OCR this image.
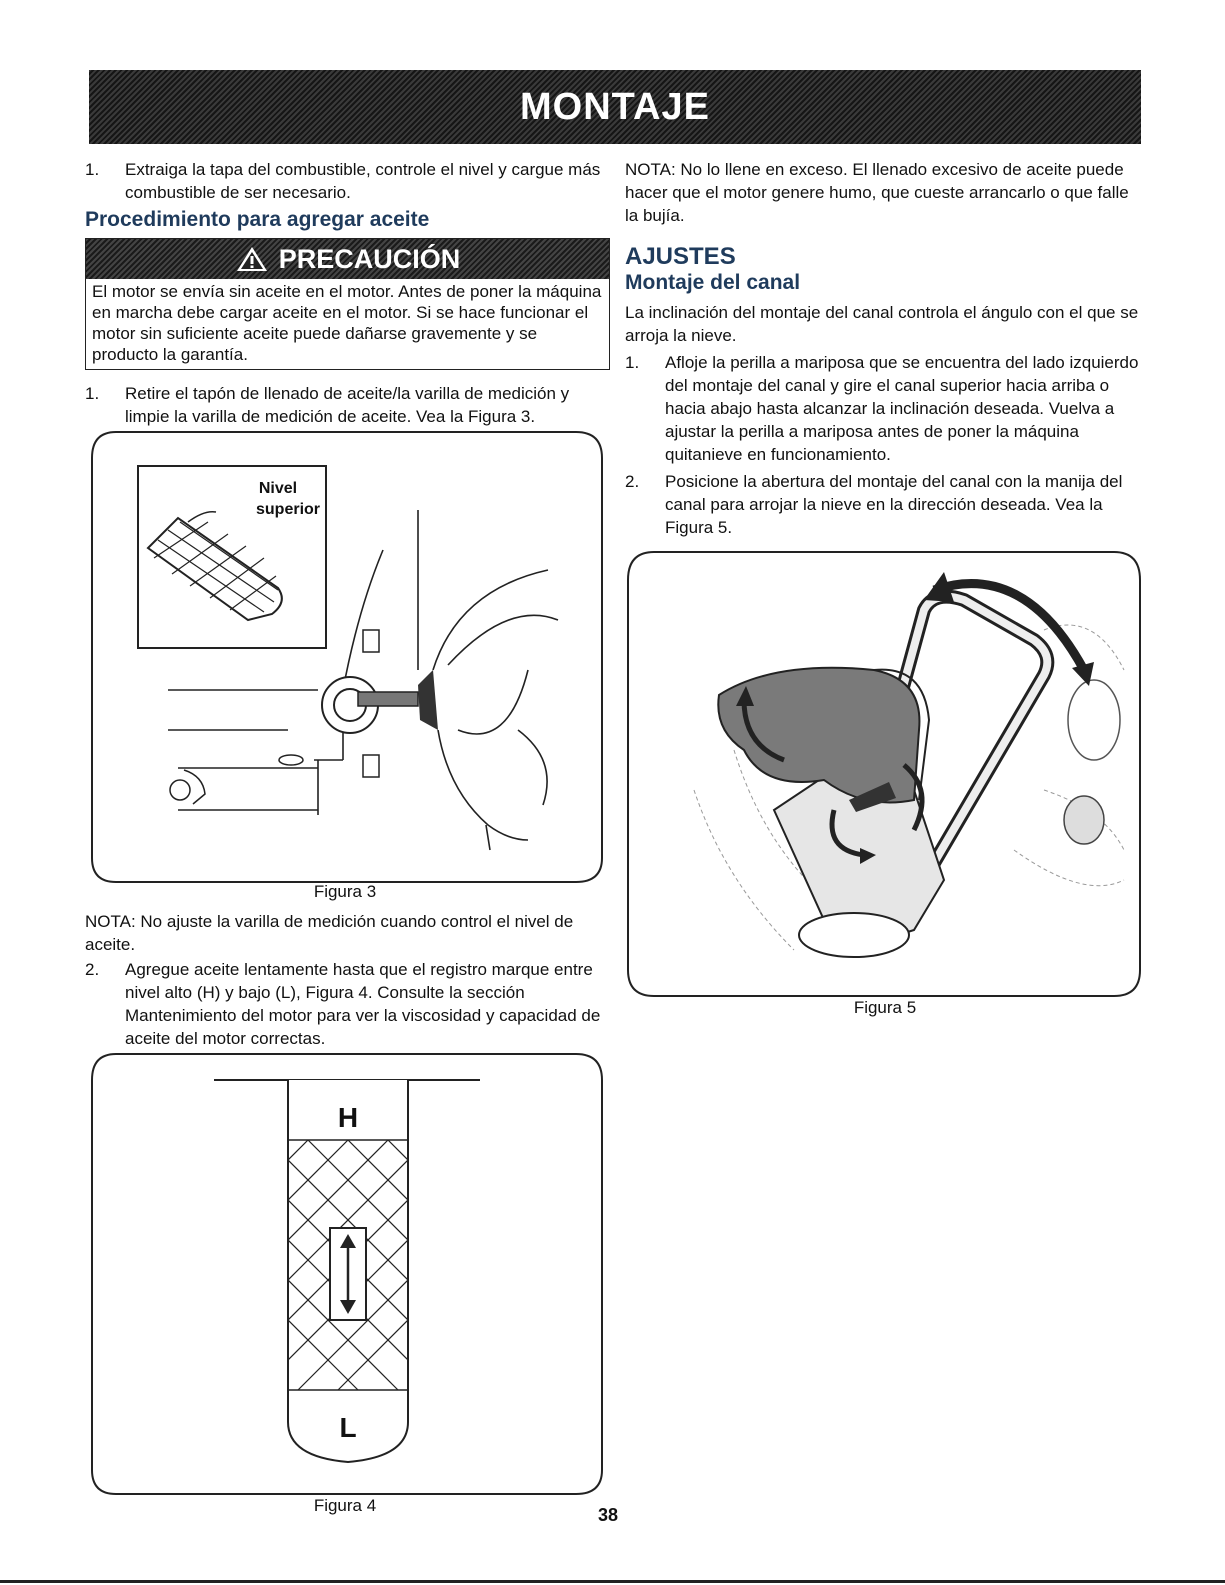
MONTAJE
1.	Extraiga la tapa del combustible, controle el nivel y cargue más combustible de ser necesario.
Procedimiento para agregar aceite
PRECAUCIÓN
El motor se envía sin aceite en el motor. Antes de poner la máquina en marcha debe cargar aceite en el motor. Si se hace funcionar el motor sin suficiente aceite puede dañarse gravemente y se producto la garantía.
1.	Retire el tapón de llenado de aceite/la varilla de medición y limpie la varilla de medición de aceite. Vea la Figura 3.
Nivel
superior
Figura 3

NOTA: No ajuste la varilla de medición cuando control el nivel de aceite.

2.	Agregue aceite lentamente hasta que el registro marque entre nivel alto (H) y bajo (L), Figura 4. Consulte la sección Mantenimiento del motor para ver la viscosidad y capacidad de aceite del motor correctas.
H
L
Figura 4

NOTA: No lo llene en exceso. El llenado excesivo de aceite puede hacer que el motor genere humo, que cueste arrancarlo o que falle la bujía.

AJUSTES
Montaje del canal

La inclinación del montaje del canal controla el ángulo con el que se arroja la nieve.

1.	Afloje la perilla a mariposa que se encuentra del lado izquierdo del montaje del canal y gire el canal superior hacia arriba o hacia abajo hasta alcanzar la inclinación deseada. Vuelva a ajustar la perilla a mariposa antes de poner la máquina quitanieve en funcionamiento.
2.	Posicione la abertura del montaje del canal con la manija del canal para arrojar la nieve en la dirección deseada. Vea la Figura 5.
Figura 5
38
